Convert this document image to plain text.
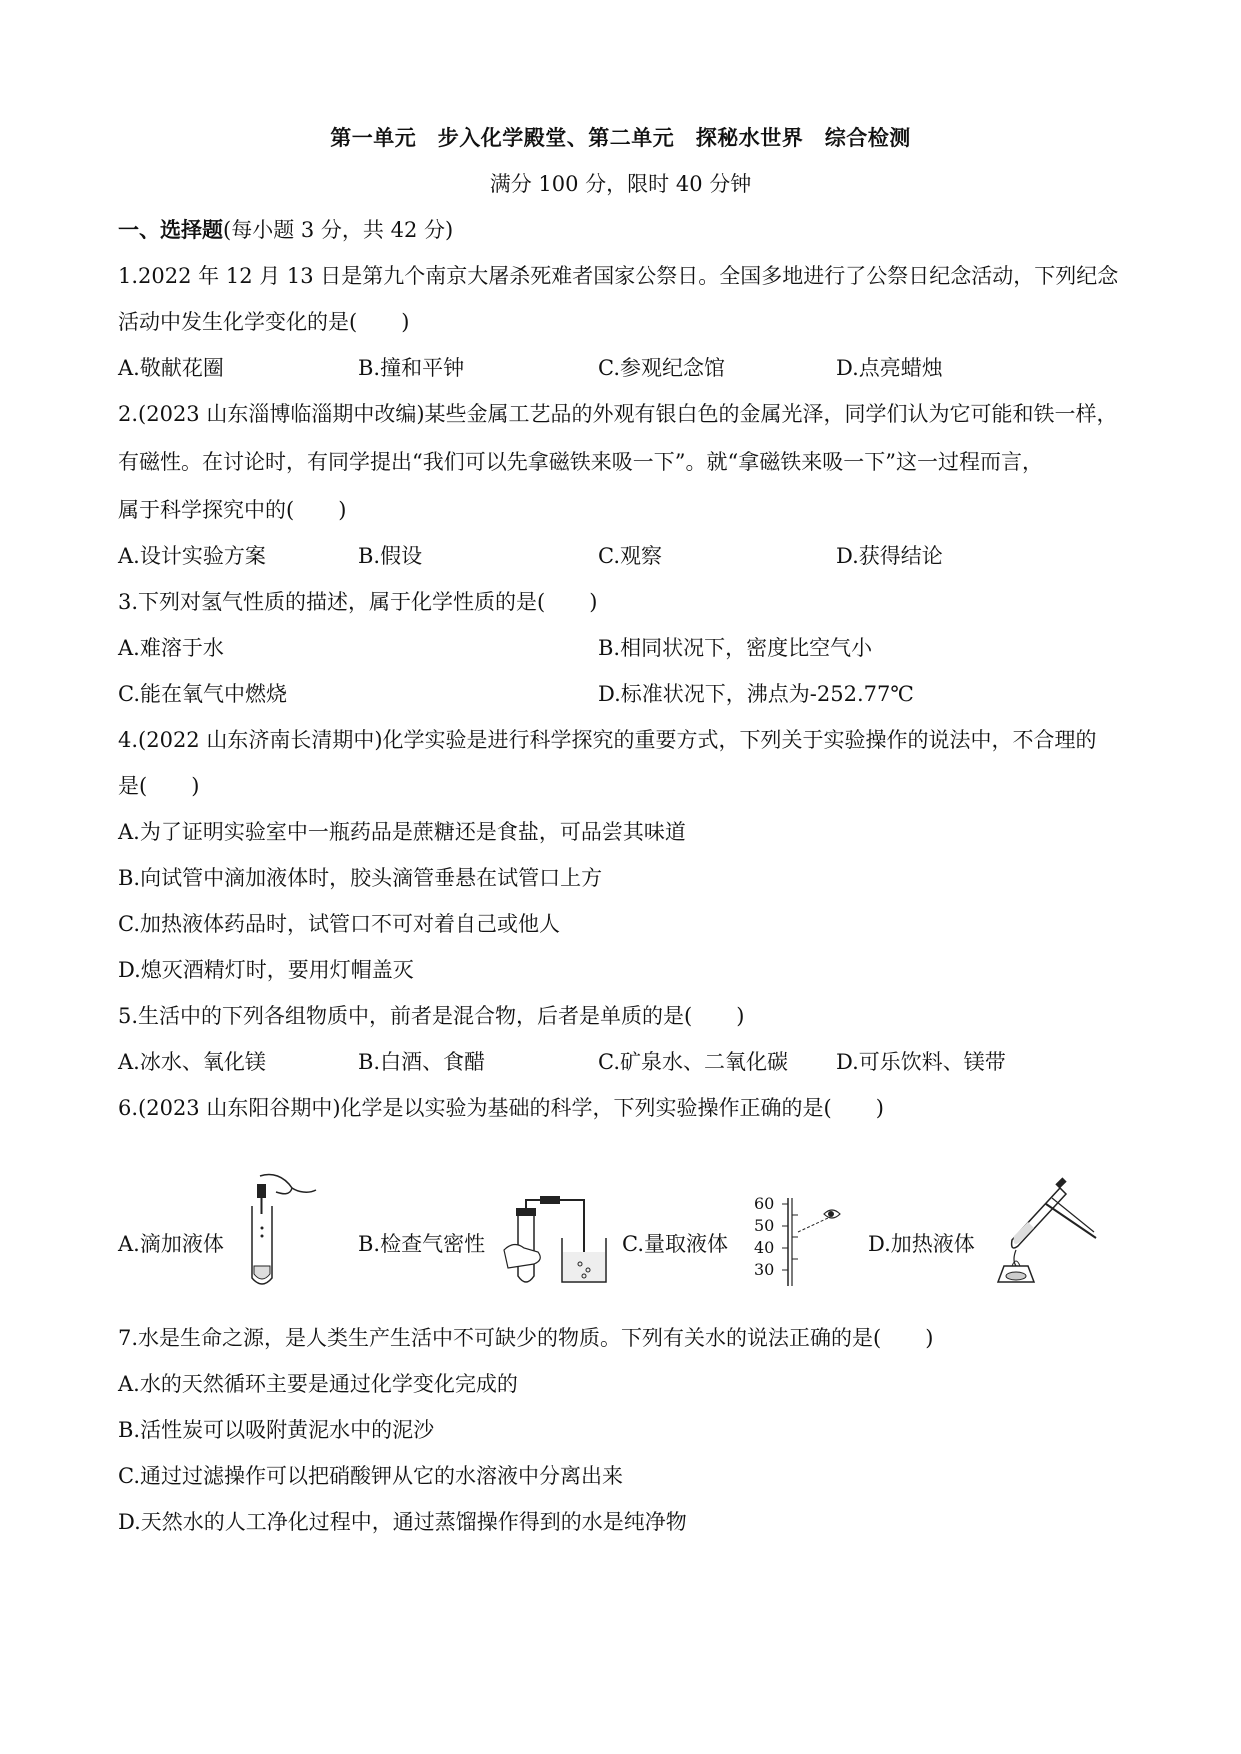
第一单元　步入化学殿堂、第二单元　探秘水世界　综合检测
满分 100 分，限时 40 分钟
一、选择题(每小题 3 分，共 42 分)
1.2022 年 12 月 13 日是第九个南京大屠杀死难者国家公祭日。全国多地进行了公祭日纪念活动，下列纪念
活动中发生化学变化的是( )
A.敬献花圈	B.撞和平钟	C.参观纪念馆	D.点亮蜡烛
2.(2023 山东淄博临淄期中改编)某些金属工艺品的外观有银白色的金属光泽，同学们认为它可能和铁一样，
有磁性。在讨论时，有同学提出“我们可以先拿磁铁来吸一下”。就“拿磁铁来吸一下”这一过程而言，
属于科学探究中的( )
A.设计实验方案	B.假设	C.观察	D.获得结论
3.下列对氢气性质的描述，属于化学性质的是( )
A.难溶于水	B.相同状况下，密度比空气小
C.能在氧气中燃烧	D.标准状况下，沸点为-252.77℃
4.(2022 山东济南长清期中)化学实验是进行科学探究的重要方式，下列关于实验操作的说法中，不合理的
是( )
A.为了证明实验室中一瓶药品是蔗糖还是食盐，可品尝其味道
B.向试管中滴加液体时，胶头滴管垂悬在试管口上方
C.加热液体药品时，试管口不可对着自己或他人
D.熄灭酒精灯时，要用灯帽盖灭
5.生活中的下列各组物质中，前者是混合物，后者是单质的是( )
A.冰水、氧化镁	B.白酒、食醋	C.矿泉水、二氧化碳 D.可乐饮料、镁带
6.(2023 山东阳谷期中)化学是以实验为基础的科学，下列实验操作正确的是( )
A.滴加液体	B.检查气密性	C.量取液体
60
50
40
30
D.加热液体
7.水是生命之源，是人类生产生活中不可缺少的物质。下列有关水的说法正确的是( )
A.水的天然循环主要是通过化学变化完成的
B.活性炭可以吸附黄泥水中的泥沙
C.通过过滤操作可以把硝酸钾从它的水溶液中分离出来
D.天然水的人工净化过程中，通过蒸馏操作得到的水是纯净物
